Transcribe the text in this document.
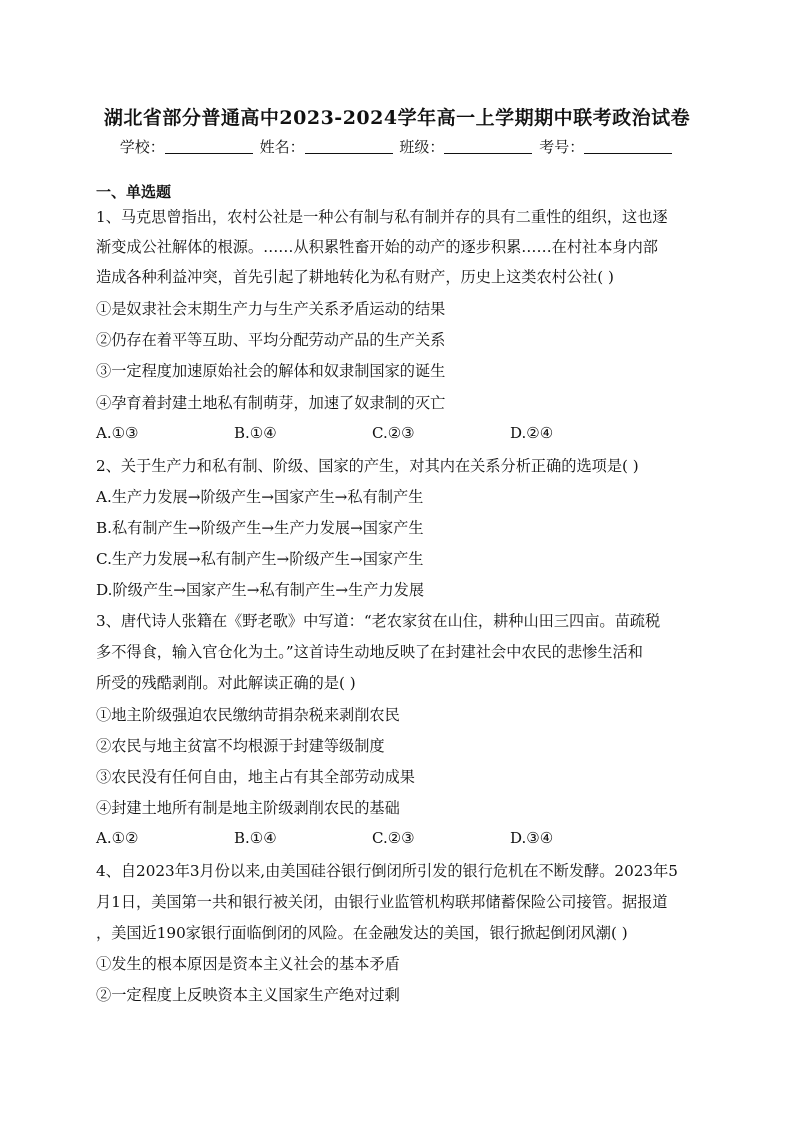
湖北省部分普通高中2023-2024学年高一上学期期中联考政治试卷
学校：	姓名：	班级：	考号：
一、单选题
1、马克思曾指出，农村公社是一种公有制与私有制并存的具有二重性的组织，这也逐
渐变成公社解体的根源。……从积累牲畜开始的动产的逐步积累……在村社本身内部
造成各种利益冲突，首先引起了耕地转化为私有财产，历史上这类农村公社( )
①是奴隶社会末期生产力与生产关系矛盾运动的结果
②仍存在着平等互助、平均分配劳动产品的生产关系
③一定程度加速原始社会的解体和奴隶制国家的诞生
④孕育着封建土地私有制萌芽，加速了奴隶制的灭亡
A.①③	B.①④	C.②③	D.②④
2、关于生产力和私有制、阶级、国家的产生，对其内在关系分析正确的选项是( )
A.生产力发展→阶级产生→国家产生→私有制产生
B.私有制产生→阶级产生→生产力发展→国家产生
C.生产力发展→私有制产生→阶级产生→国家产生
D.阶级产生→国家产生→私有制产生→生产力发展
3、唐代诗人张籍在《野老歌》中写道：“老农家贫在山住，耕种山田三四亩。苗疏税
多不得食，输入官仓化为土。”这首诗生动地反映了在封建社会中农民的悲惨生活和
所受的残酷剥削。对此解读正确的是( )
①地主阶级强迫农民缴纳苛捐杂税来剥削农民
②农民与地主贫富不均根源于封建等级制度
③农民没有任何自由，地主占有其全部劳动成果
④封建土地所有制是地主阶级剥削农民的基础
A.①②	B.①④	C.②③	D.③④
4、自2023年3月份以来,由美国硅谷银行倒闭所引发的银行危机在不断发酵。2023年5
月1日，美国第一共和银行被关闭，由银行业监管机构联邦储蓄保险公司接管。据报道
，美国近190家银行面临倒闭的风险。在金融发达的美国，银行掀起倒闭风潮( )
①发生的根本原因是资本主义社会的基本矛盾
②一定程度上反映资本主义国家生产绝对过剩
